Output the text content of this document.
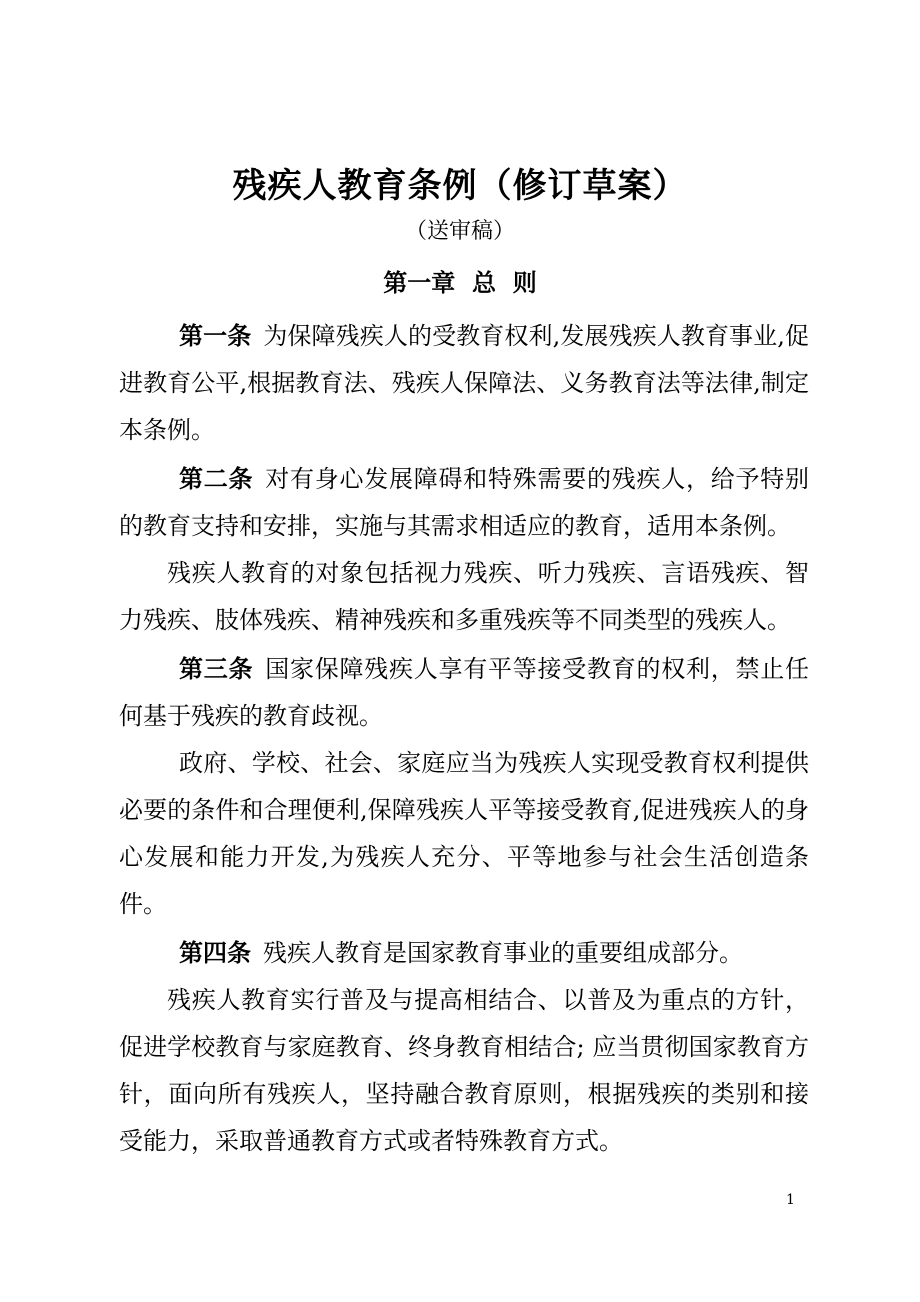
残疾人教育条例（修订草案）
（送审稿）
第一章  总  则

第一条 为保障残疾人的受教育权利,发展残疾人教育事业,促进教育公平,根据教育法、残疾人保障法、义务教育法等法律,制定本条例。

第二条 对有身心发展障碍和特殊需要的残疾人，给予特别的教育支持和安排，实施与其需求相适应的教育，适用本条例。

残疾人教育的对象包括视力残疾、听力残疾、言语残疾、智力残疾、肢体残疾、精神残疾和多重残疾等不同类型的残疾人。

第三条 国家保障残疾人享有平等接受教育的权利，禁止任何基于残疾的教育歧视。

政府、学校、社会、家庭应当为残疾人实现受教育权利提供必要的条件和合理便利,保障残疾人平等接受教育,促进残疾人的身心发展和能力开发,为残疾人充分、平等地参与社会生活创造条件。

第四条 残疾人教育是国家教育事业的重要组成部分。

残疾人教育实行普及与提高相结合、以普及为重点的方针，促进学校教育与家庭教育、终身教育相结合; 应当贯彻国家教育方针，面向所有残疾人，坚持融合教育原则，根据残疾的类别和接受能力，采取普通教育方式或者特殊教育方式。

1
